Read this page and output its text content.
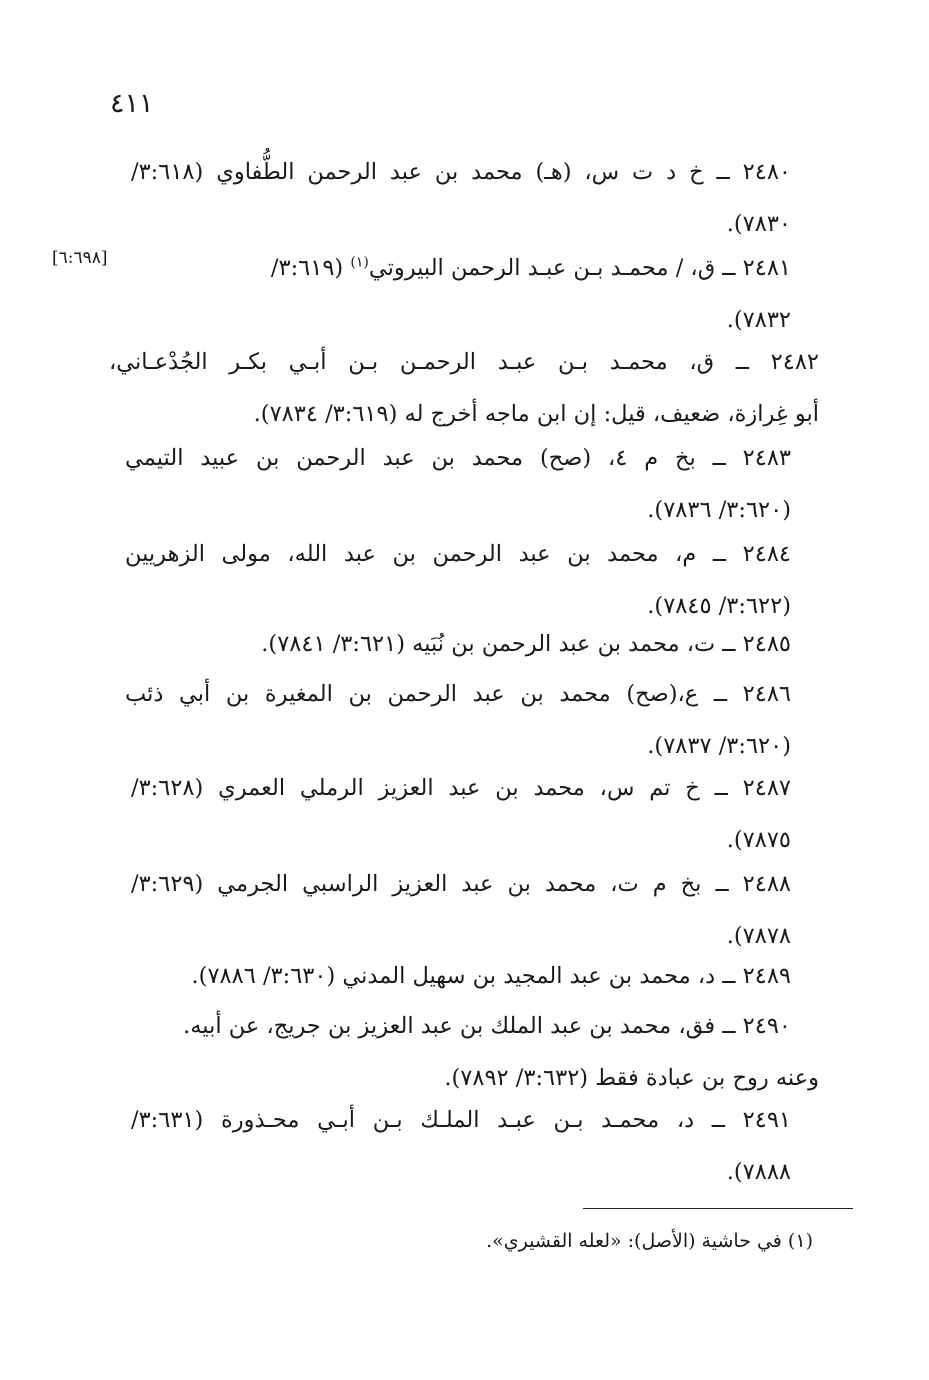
٤١١
٢٤٨٠ ــ خ د ت س، (هـ) محمد بن عبد الرحمن الطُّفاوي (٣:٦١٨/
٧٨٣٠).
٢٤٨١ ــ ق، / محمـد بـن عبـد الرحمن البيروتي$^{(١)}$ (٣:٦١٩/
٧٨٣٢).
[٦:٦٩٨]
٢٤٨٢ ــ ق، محمـد بـن عبـد الرحمـن بـن أبـي بكـر الجُدْعـاني،
أبو غِرازة، ضعيف، قيل: إن ابن ماجه أخرج له (٣:٦١٩/ ٧٨٣٤).
٢٤٨٣ ــ بخ م ٤، (صح) محمد بن عبد الرحمن بن عبيد التيمي
(٣:٦٢٠/ ٧٨٣٦).
٢٤٨٤ ــ م، محمد بن عبد الرحمن بن عبد الله، مولى الزهريين
(٣:٦٢٢/ ٧٨٤٥).
٢٤٨٥ ــ ت، محمد بن عبد الرحمن بن نُبَيه (٣:٦٢١/ ٧٨٤١).
٢٤٨٦ ــ ع،(صح) محمد بن عبد الرحمن بن المغيرة بن أبي ذئب
(٣:٦٢٠/ ٧٨٣٧).
٢٤٨٧ ــ خ تم س، محمد بن عبد العزيز الرملي العمري (٣:٦٢٨/
٧٨٧٥).
٢٤٨٨ ــ بخ م ت، محمد بن عبد العزيز الراسبي الجرمي (٣:٦٢٩/
٧٨٧٨).
٢٤٨٩ ــ د، محمد بن عبد المجيد بن سهيل المدني (٣:٦٣٠/ ٧٨٨٦).
٢٤٩٠ ــ فق، محمد بن عبد الملك بن عبد العزيز بن جريج، عن أبيه.
وعنه روح بن عبادة فقط (٣:٦٣٢/ ٧٨٩٢).
٢٤٩١ ــ د، محمـد بـن عبـد الملـك بـن أبـي محـذورة (٣:٦٣١/
٧٨٨٨).
(١) في حاشية (الأصل): «لعله القشيري».
